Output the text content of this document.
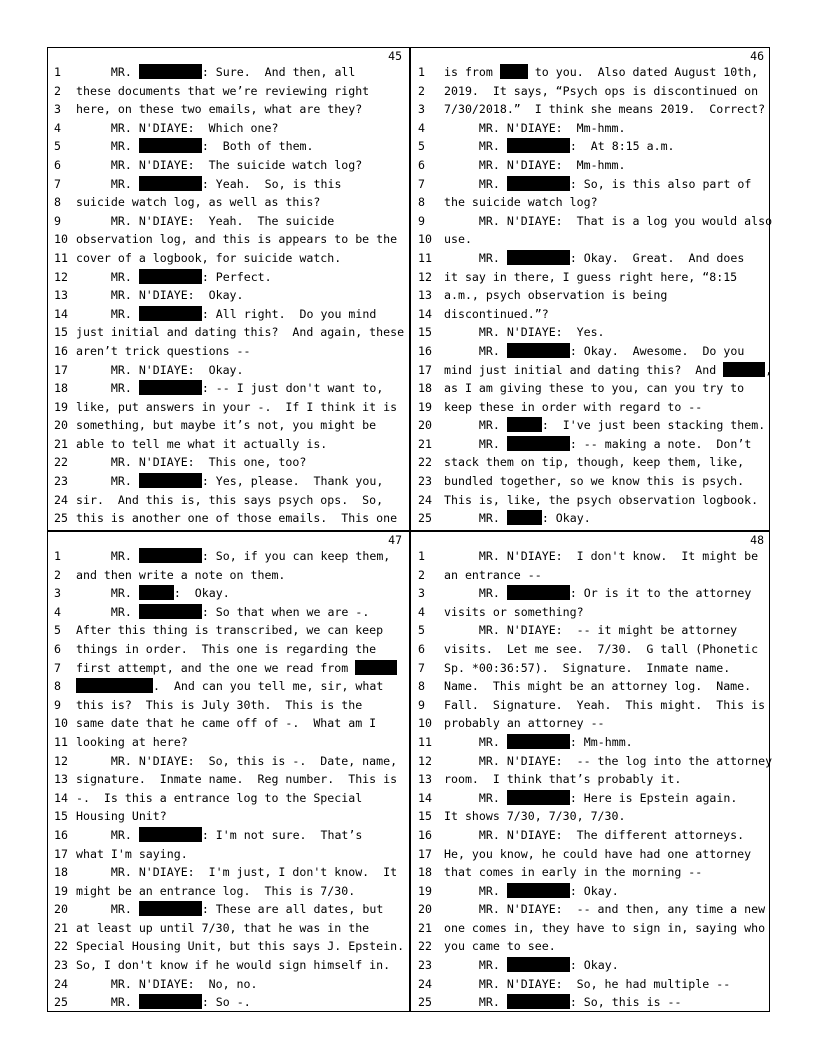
45
1	MR.	: Sure.  And then, all
2	these documents that we’re reviewing right
3	here, on these two emails, what are they?
4	MR. N'DIAYE:  Which one?
5	MR.	:  Both of them.
6	MR. N'DIAYE:  The suicide watch log?
7	MR.	: Yeah.  So, is this
8	suicide watch log, as well as this?
9	MR. N'DIAYE:  Yeah.  The suicide
10 observation log, and this is appears to be the
11 cover of a logbook, for suicide watch.
12 MR.	: Perfect.
13 MR. N'DIAYE:  Okay.
14 MR.	: All right.  Do you mind
15 just initial and dating this?  And again, these
16 aren’t trick questions --
17 MR. N'DIAYE:  Okay.
18 MR.	: -- I just don't want to,
19 like, put answers in your -.  If I think it is
20 something, but maybe it’s not, you might be
21 able to tell me what it actually is.
22 MR. N'DIAYE:  This one, too?
23 MR.	: Yes, please.  Thank you,
24 sir.  And this is, this says psych ops.  So,
25 this is another one of those emails.  This one
46
1	is from  to you.  Also dated August 10th,
2	2019.  It says, “Psych ops is discontinued on
3	7/30/2018.”  I think she means 2019.  Correct?
4	MR. N'DIAYE:  Mm-hmm.
5	MR.	:  At 8:15 a.m.
6	MR. N'DIAYE:  Mm-hmm.
7	MR.	: So, is this also part of
8	the suicide watch log?
9	MR. N'DIAYE:  That is a log you would also
10	use.
11	MR.	: Okay.  Great.  And does
12	it say in there, I guess right here, “8:15
13	a.m., psych observation is being
14	discontinued.”?
15	MR. N'DIAYE:  Yes.
16	MR.	: Okay.  Awesome.  Do you
17	mind just initial and dating this?  And	,
18	as I am giving these to you, can you try to
19	keep these in order with regard to --
20	MR.	:  I've just been stacking them.
21	MR.	: -- making a note.  Don’t
22	stack them on tip, though, keep them, like,
23	bundled together, so we know this is psych.
24	This is, like, the psych observation logbook.
25	MR.	: Okay.
47
1	MR.	: So, if you can keep them,
2	and then write a note on them.
3	MR.	:  Okay.
4	MR.	: So that when we are -.
5	After this thing is transcribed, we can keep
6	things in order.  This one is regarding the
7	first attempt, and the one we read from
8	.  And can you tell me, sir, what
9	this is?  This is July 30th.  This is the
10 same date that he came off of -.  What am I
11 looking at here?
12 MR. N'DIAYE:  So, this is -.  Date, name,
13 signature.  Inmate name.  Reg number.  This is
14 -.  Is this a entrance log to the Special
15 Housing Unit?
16 MR.	: I'm not sure.  That’s
17 what I'm saying.
18 MR. N'DIAYE:  I'm just, I don't know.  It
19 might be an entrance log.  This is 7/30.
20 MR.	: These are all dates, but
21 at least up until 7/30, that he was in the
22 Special Housing Unit, but this says J. Epstein.
23 So, I don't know if he would sign himself in.
24 MR. N'DIAYE:  No, no.
25 MR.	: So -.
48
1	MR. N'DIAYE:  I don't know.  It might be
2	an entrance --
3	MR.	: Or is it to the attorney
4	visits or something?
5	MR. N'DIAYE:  -- it might be attorney
6	visits.  Let me see.  7/30.  G tall (Phonetic
7	Sp. *00:36:57).  Signature.  Inmate name.
8	Name.  This might be an attorney log.  Name.
9	Fall.  Signature.  Yeah.  This might.  This is
10	probably an attorney --
11	MR.	: Mm-hmm.
12	MR. N'DIAYE:  -- the log into the attorney
13	room.  I think that’s probably it.
14	MR.	: Here is Epstein again.
15	It shows 7/30, 7/30, 7/30.
16	MR. N'DIAYE:  The different attorneys.
17	He, you know, he could have had one attorney
18	that comes in early in the morning --
19	MR.	: Okay.
20	MR. N'DIAYE:  -- and then, any time a new
21	one comes in, they have to sign in, saying who
22	you came to see.
23	MR.	: Okay.
24	MR. N'DIAYE:  So, he had multiple --
25	MR.	: So, this is --
